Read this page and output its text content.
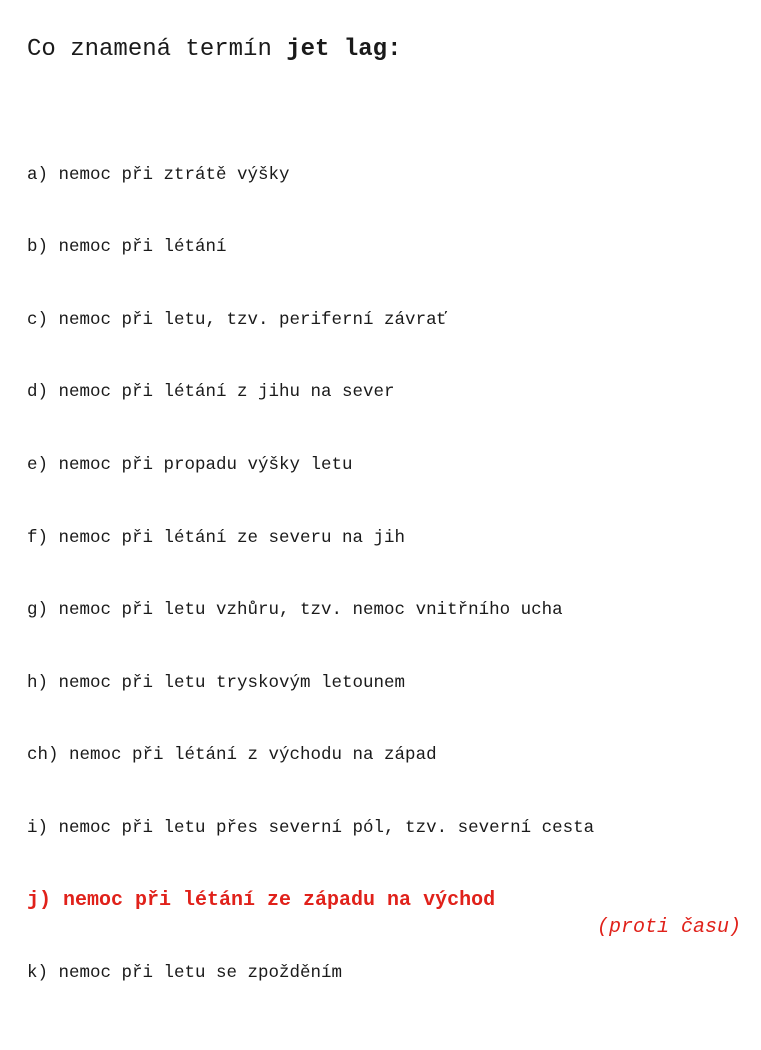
Co znamená termín jet lag:
a) nemoc při ztrátě výšky
b) nemoc při létání
c) nemoc při letu, tzv. periferní závrať
d) nemoc při létání z jihu na sever
e) nemoc při propadu výšky letu
f) nemoc při létání ze severu na jih
g) nemoc při letu vzhůru, tzv. nemoc vnitřního ucha
h) nemoc při letu tryskovým letounem
ch) nemoc při létání z východu na západ
i) nemoc při letu přes severní pól, tzv. severní cesta
j) nemoc při létání ze západu na východ
k) nemoc při letu se zpožděním
(proti času)
